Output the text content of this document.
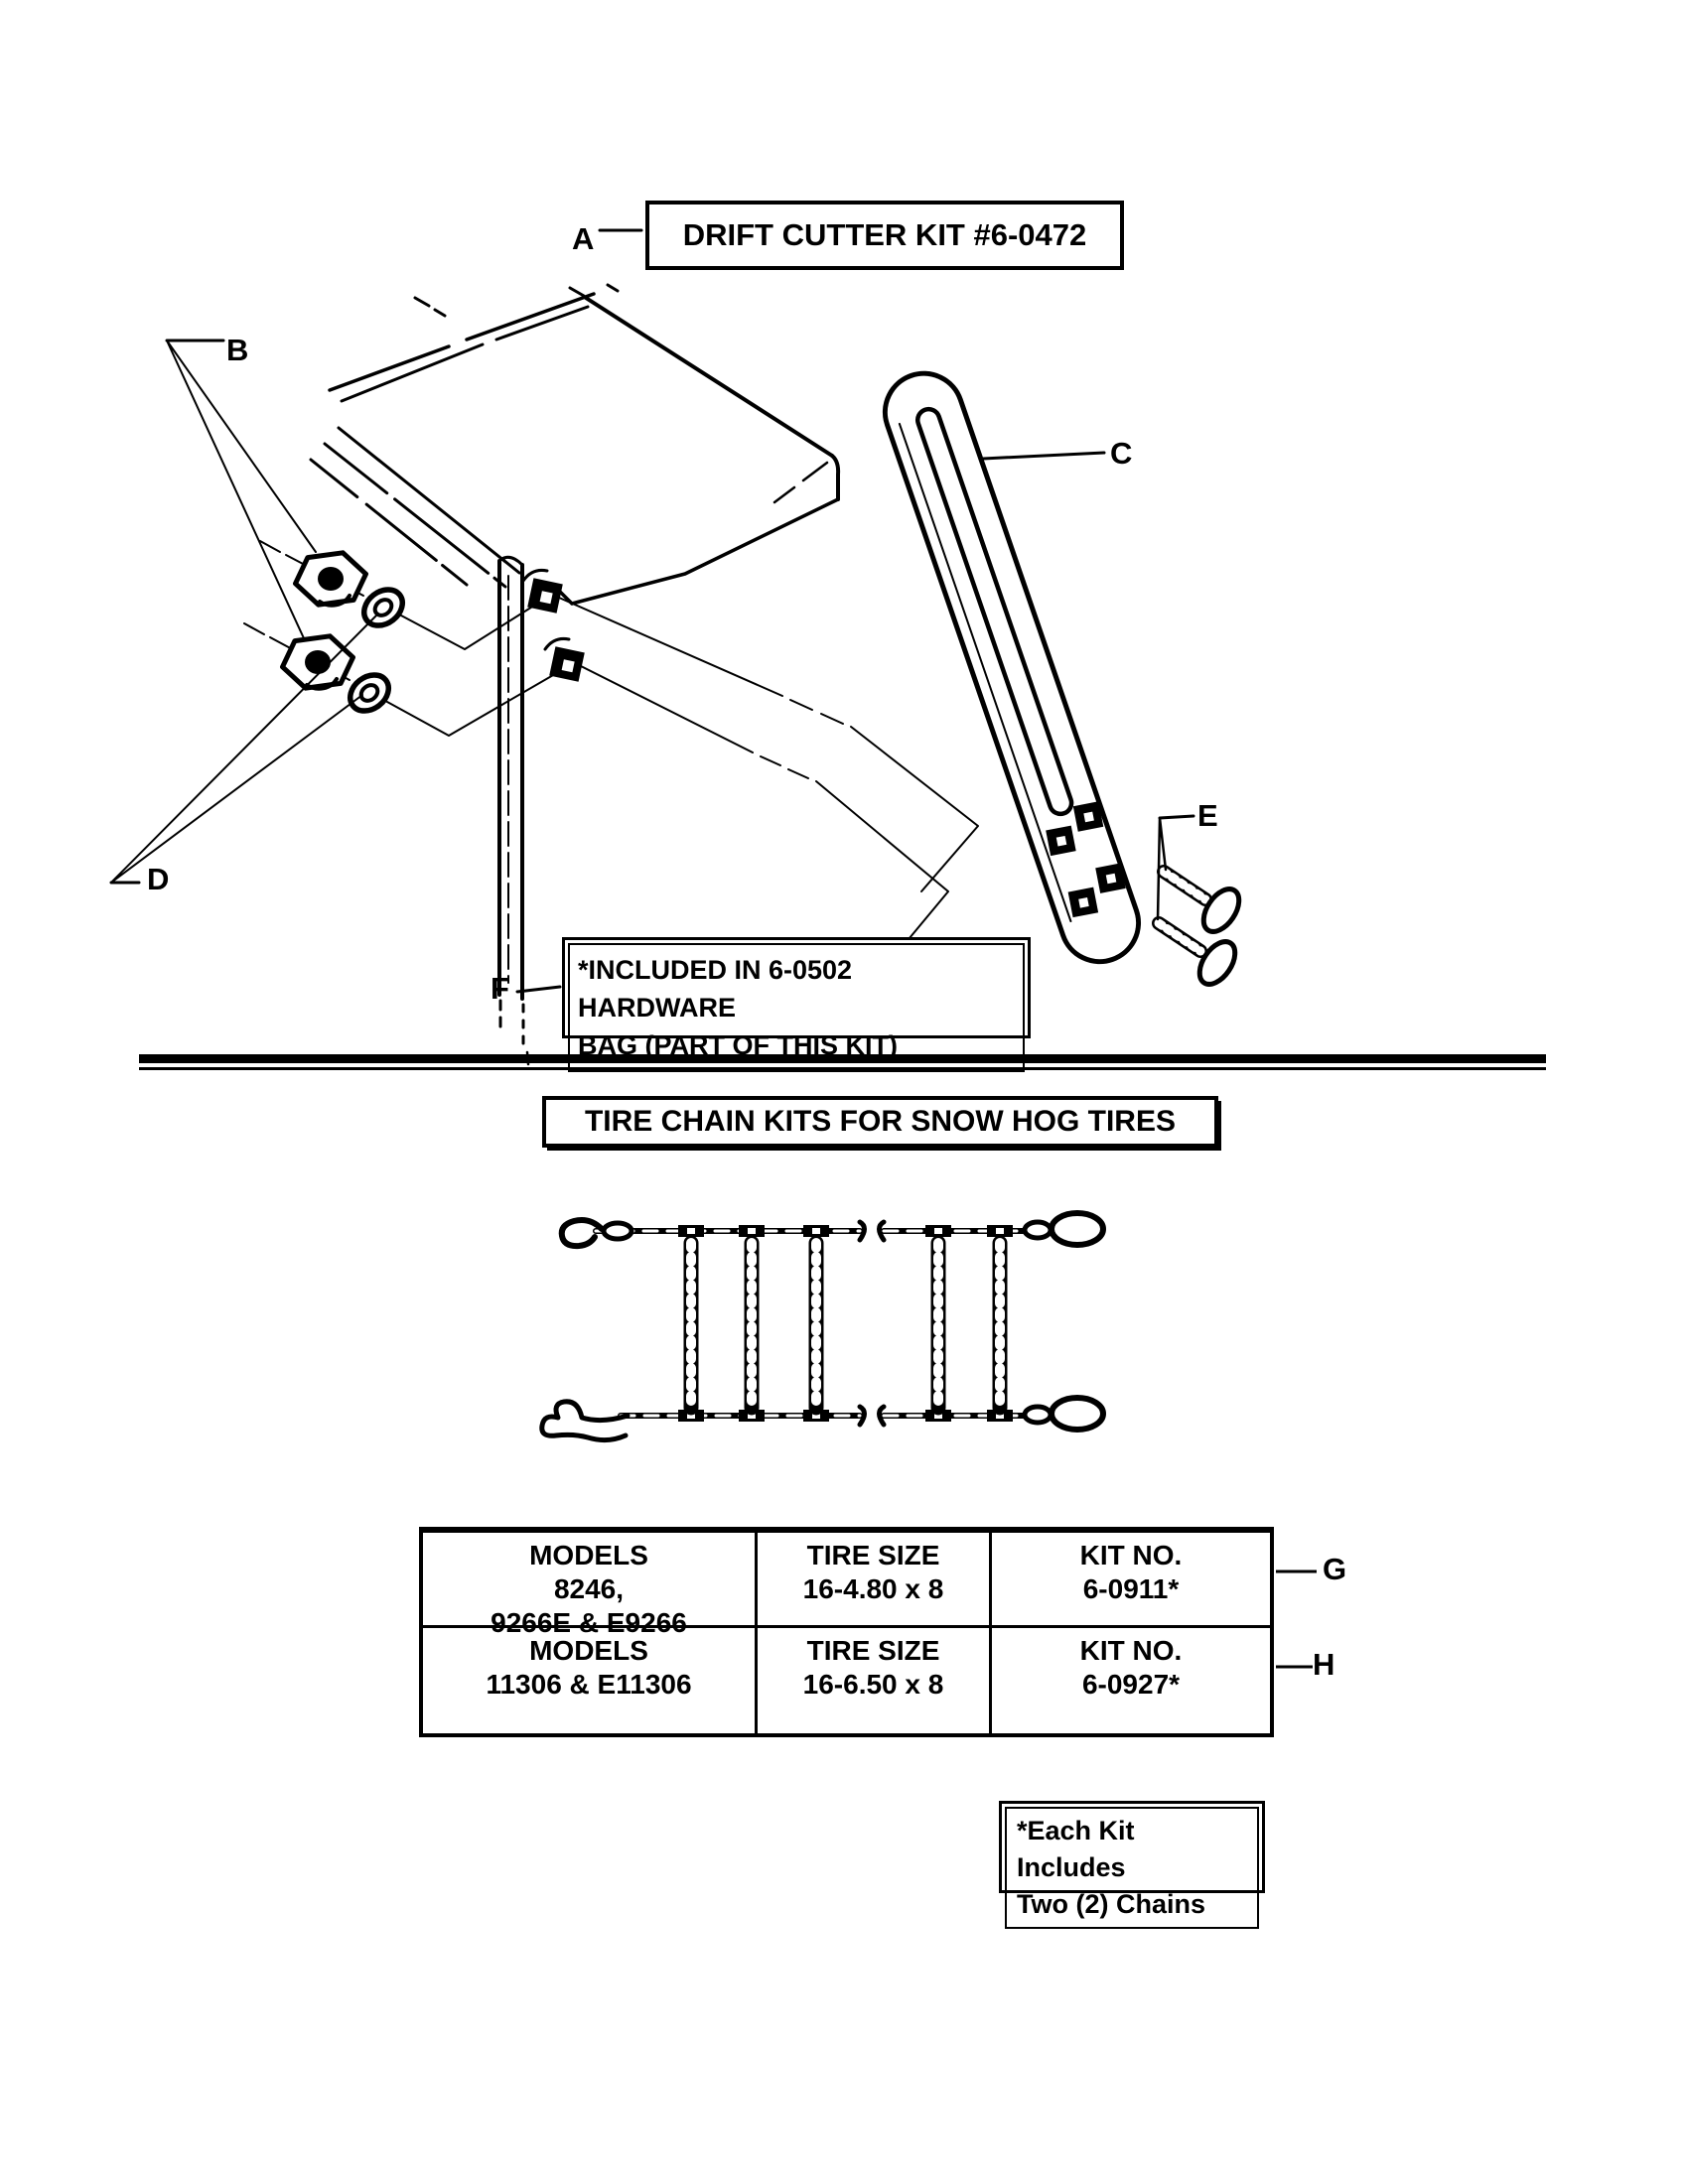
A
B
C
D
E
F
G
H
DRIFT CUTTER KIT #6-0472
*INCLUDED IN 6-0502 HARDWARE
BAG (PART OF THIS KIT)
TIRE CHAIN KITS FOR SNOW HOG TIRES
MODELS
8246,
9266E & E9266
TIRE SIZE
16-4.80 x 8
KIT NO.
6-0911*
MODELS
11306 & E11306
TIRE SIZE
16-6.50 x 8
KIT NO.
6-0927*
*Each Kit Includes
Two (2) Chains
